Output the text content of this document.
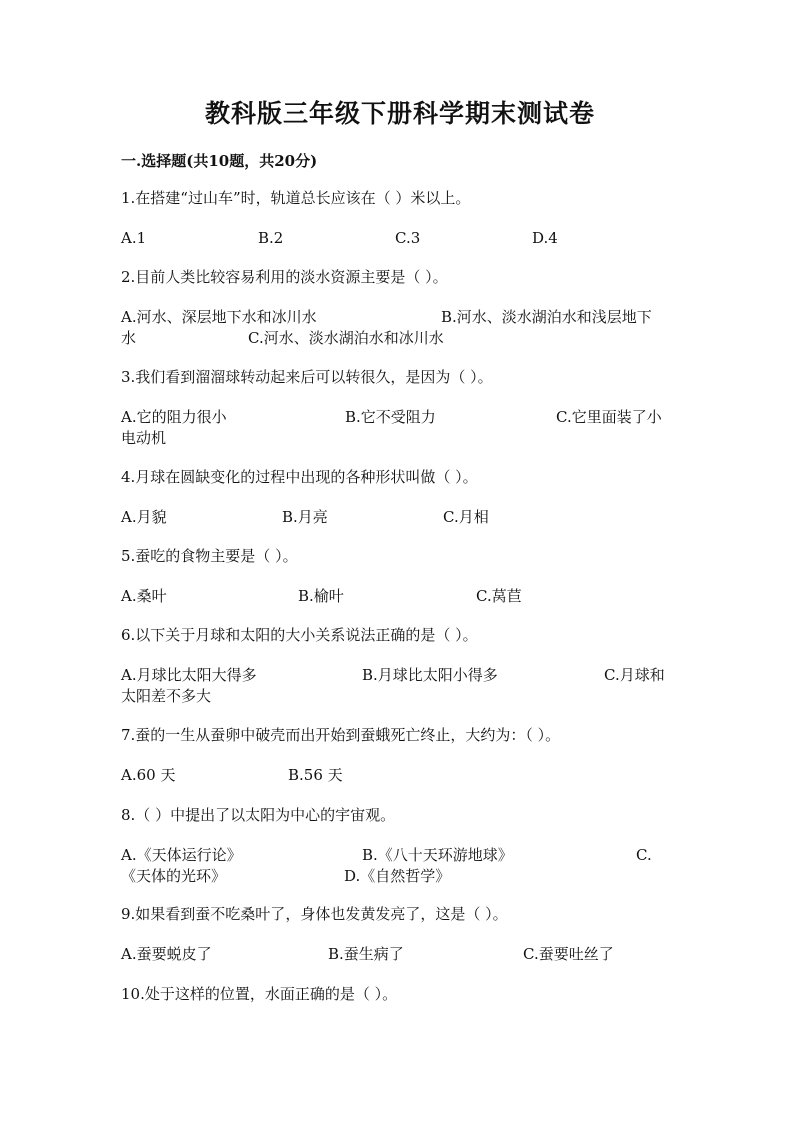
教科版三年级下册科学期末测试卷
一.选择题(共10题，共20分)
1.在搭建“过山车”时，轨道总长应该在（ ）米以上。
A.1	B.2	C.3	D.4
2.目前人类比较容易利用的淡水资源主要是（ ）。
A.河水、深层地下水和冰川水	B.河水、淡水湖泊水和浅层地下
水	C.河水、淡水湖泊水和冰川水
3.我们看到溜溜球转动起来后可以转很久，是因为（ ）。
A.它的阻力很小	B.它不受阻力	C.它里面装了小
电动机
4.月球在圆缺变化的过程中出现的各种形状叫做（ ）。
A.月貌	B.月亮	C.月相
5.蚕吃的食物主要是（ ）。
A.桑叶	B.榆叶	C.莴苣
6.以下关于月球和太阳的大小关系说法正确的是（ ）。
A.月球比太阳大得多	B.月球比太阳小得多	C.月球和
太阳差不多大
7.蚕的一生从蚕卵中破壳而出开始到蚕蛾死亡终止，大约为：（ ）。
A.60 天	B.56 天
8.（ ）中提出了以太阳为中心的宇宙观。
A.《天体运行论》	B.《八十天环游地球》	C.
《天体的光环》	D.《自然哲学》
9.如果看到蚕不吃桑叶了，身体也发黄发亮了，这是（ ）。
A.蚕要蜕皮了	B.蚕生病了	C.蚕要吐丝了
10.处于这样的位置，水面正确的是（ ）。
